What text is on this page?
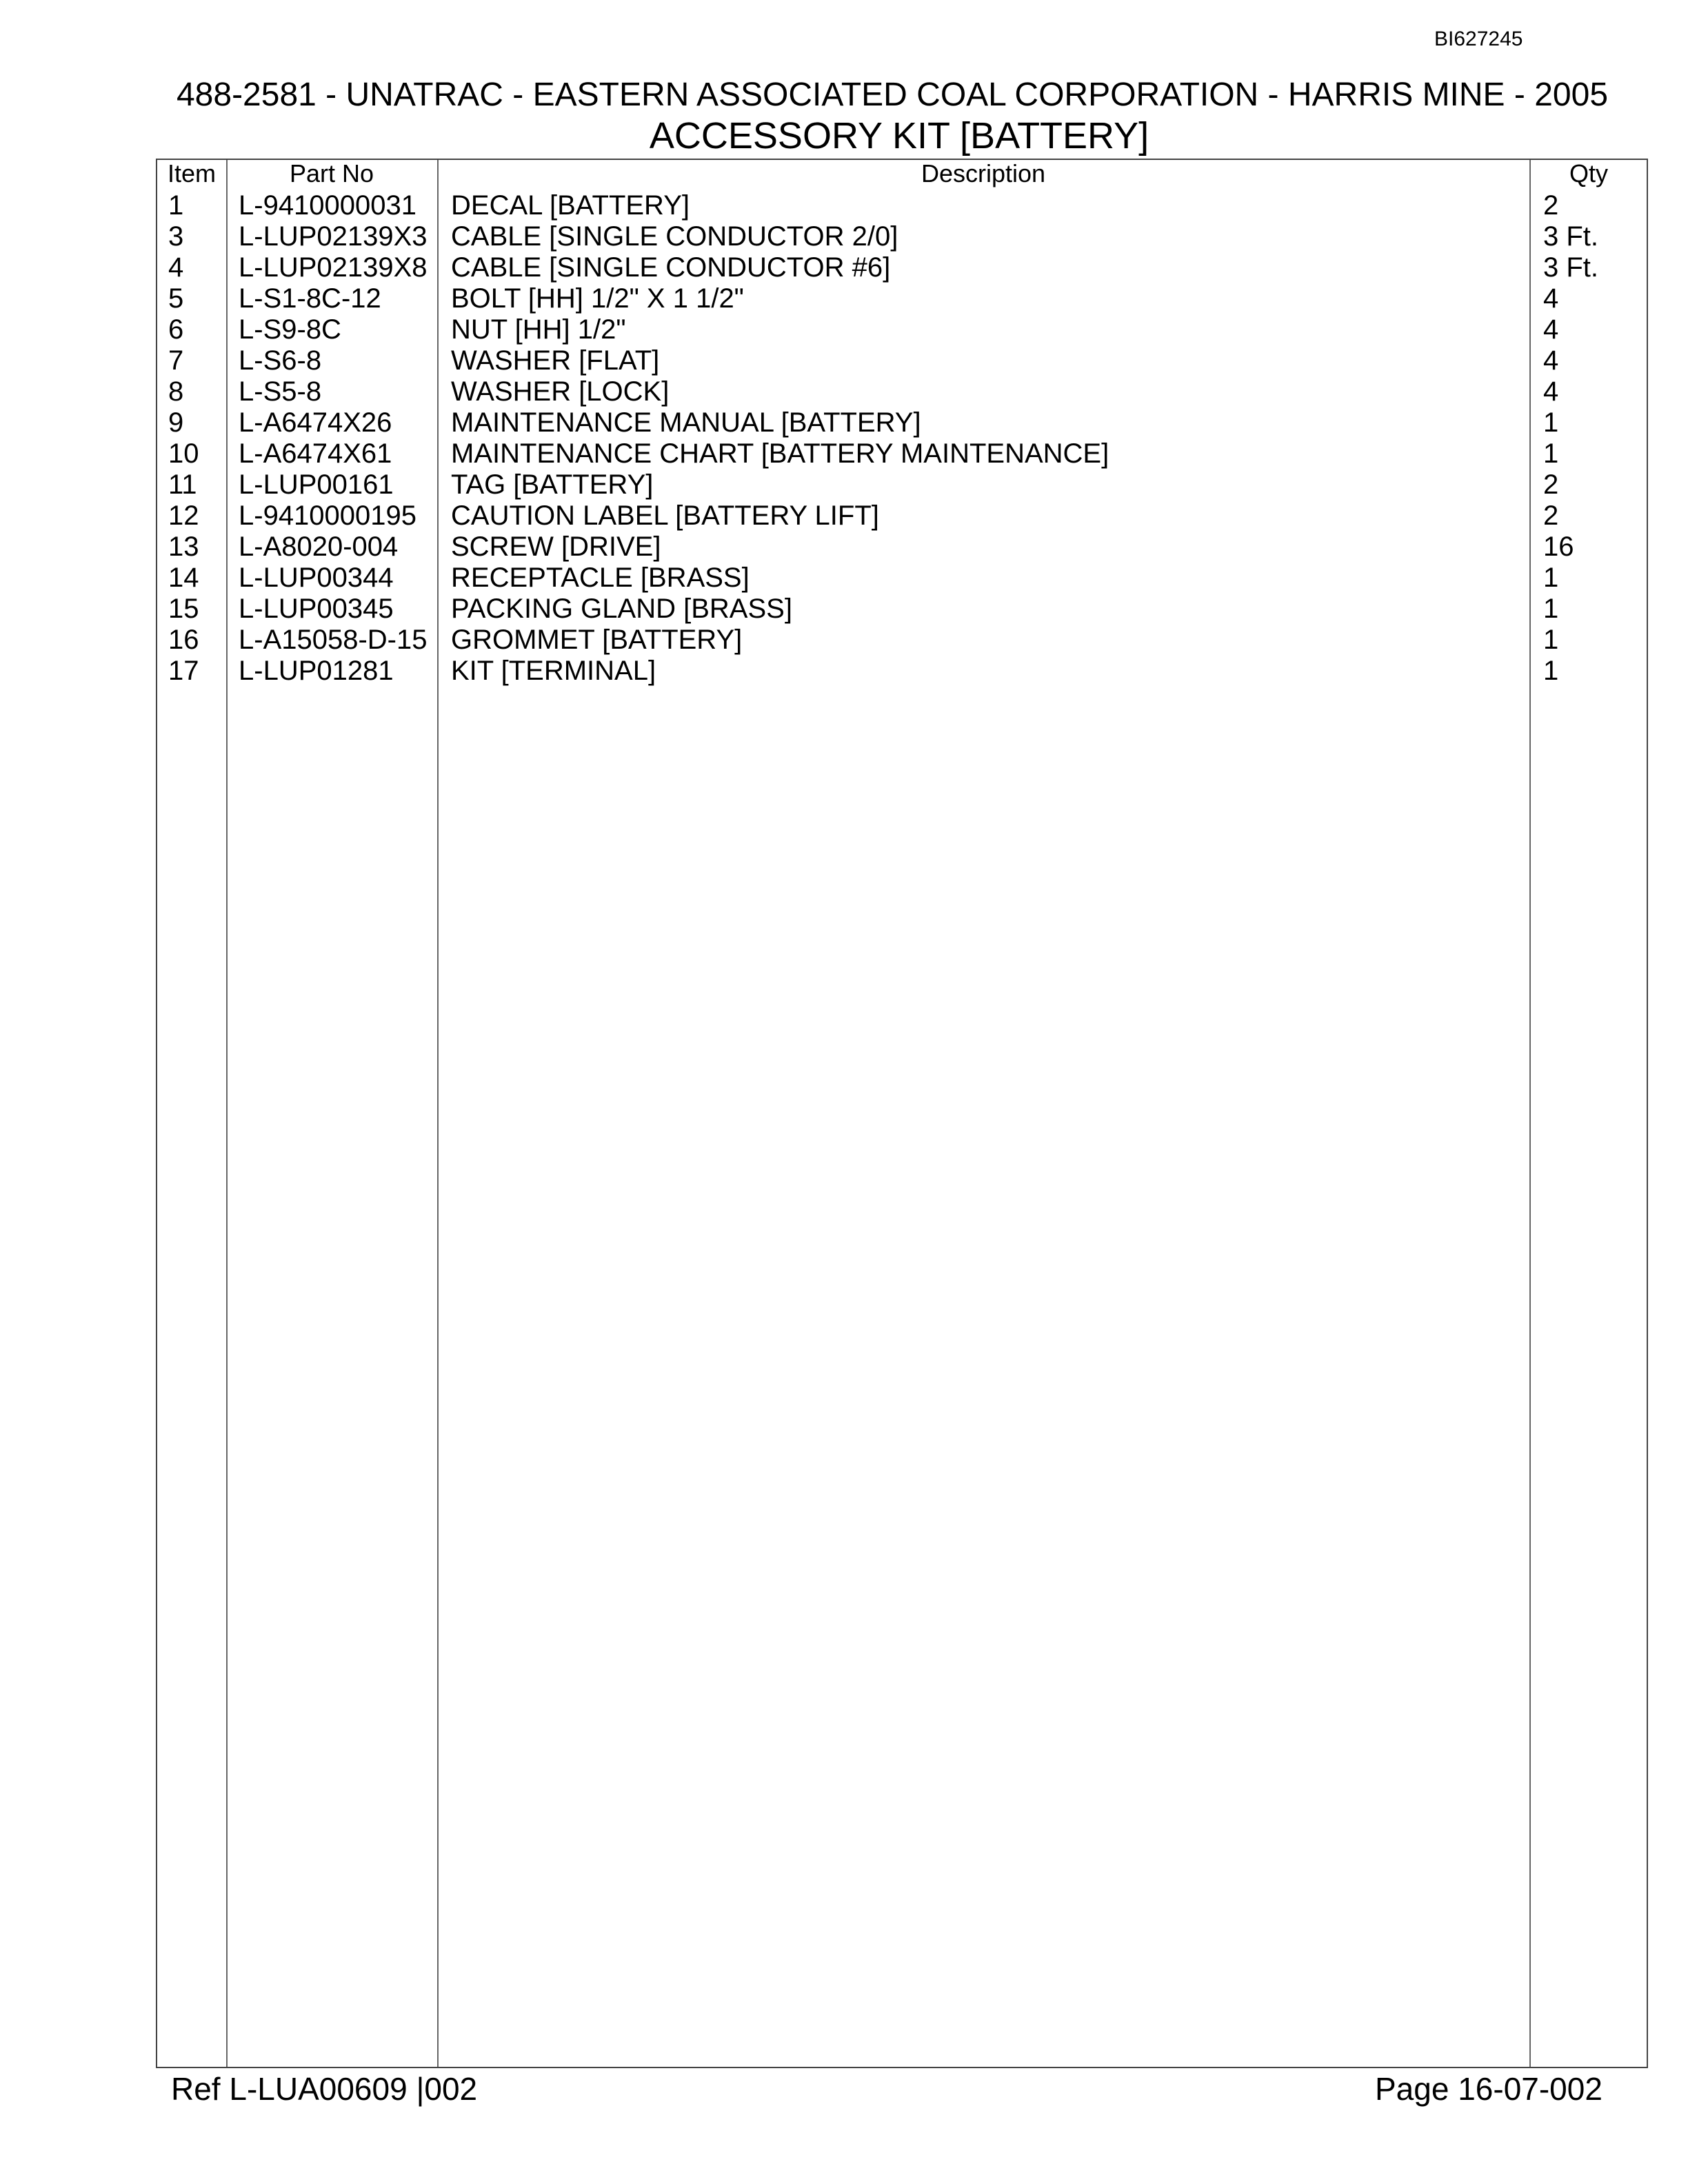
BI627245
488-2581 - UNATRAC - EASTERN ASSOCIATED COAL CORPORATION - HARRIS MINE - 2005
ACCESSORY KIT [BATTERY]
Item	Part No	Description	Qty
1 L-9410000031 DECAL [BATTERY]	2
3 L-LUP02139X3 CABLE [SINGLE CONDUCTOR 2/0]	3 Ft.
4 L-LUP02139X8 CABLE [SINGLE CONDUCTOR #6]	3 Ft.
5 L-S1-8C-12	BOLT [HH] 1/2" X 1 1/2"	4
6 L-S9-8C	NUT [HH] 1/2"	4
7 L-S6-8	WASHER [FLAT]	4
8 L-S5-8	WASHER [LOCK]	4
9 L-A6474X26 MAINTENANCE MANUAL [BATTERY]	1
10 L-A6474X61 MAINTENANCE CHART [BATTERY MAINTENANCE]	1
11 L-LUP00161 TAG [BATTERY]	2
12 L-9410000195 CAUTION LABEL [BATTERY LIFT]	2
13 L-A8020-004 SCREW [DRIVE]	16
14 L-LUP00344 RECEPTACLE [BRASS]	1
15 L-LUP00345 PACKING GLAND [BRASS]	1
16 L-A15058-D-15 GROMMET [BATTERY]	1
17 L-LUP01281 KIT [TERMINAL]	1
Ref L-LUA00609 |002	Page 16-07-002
